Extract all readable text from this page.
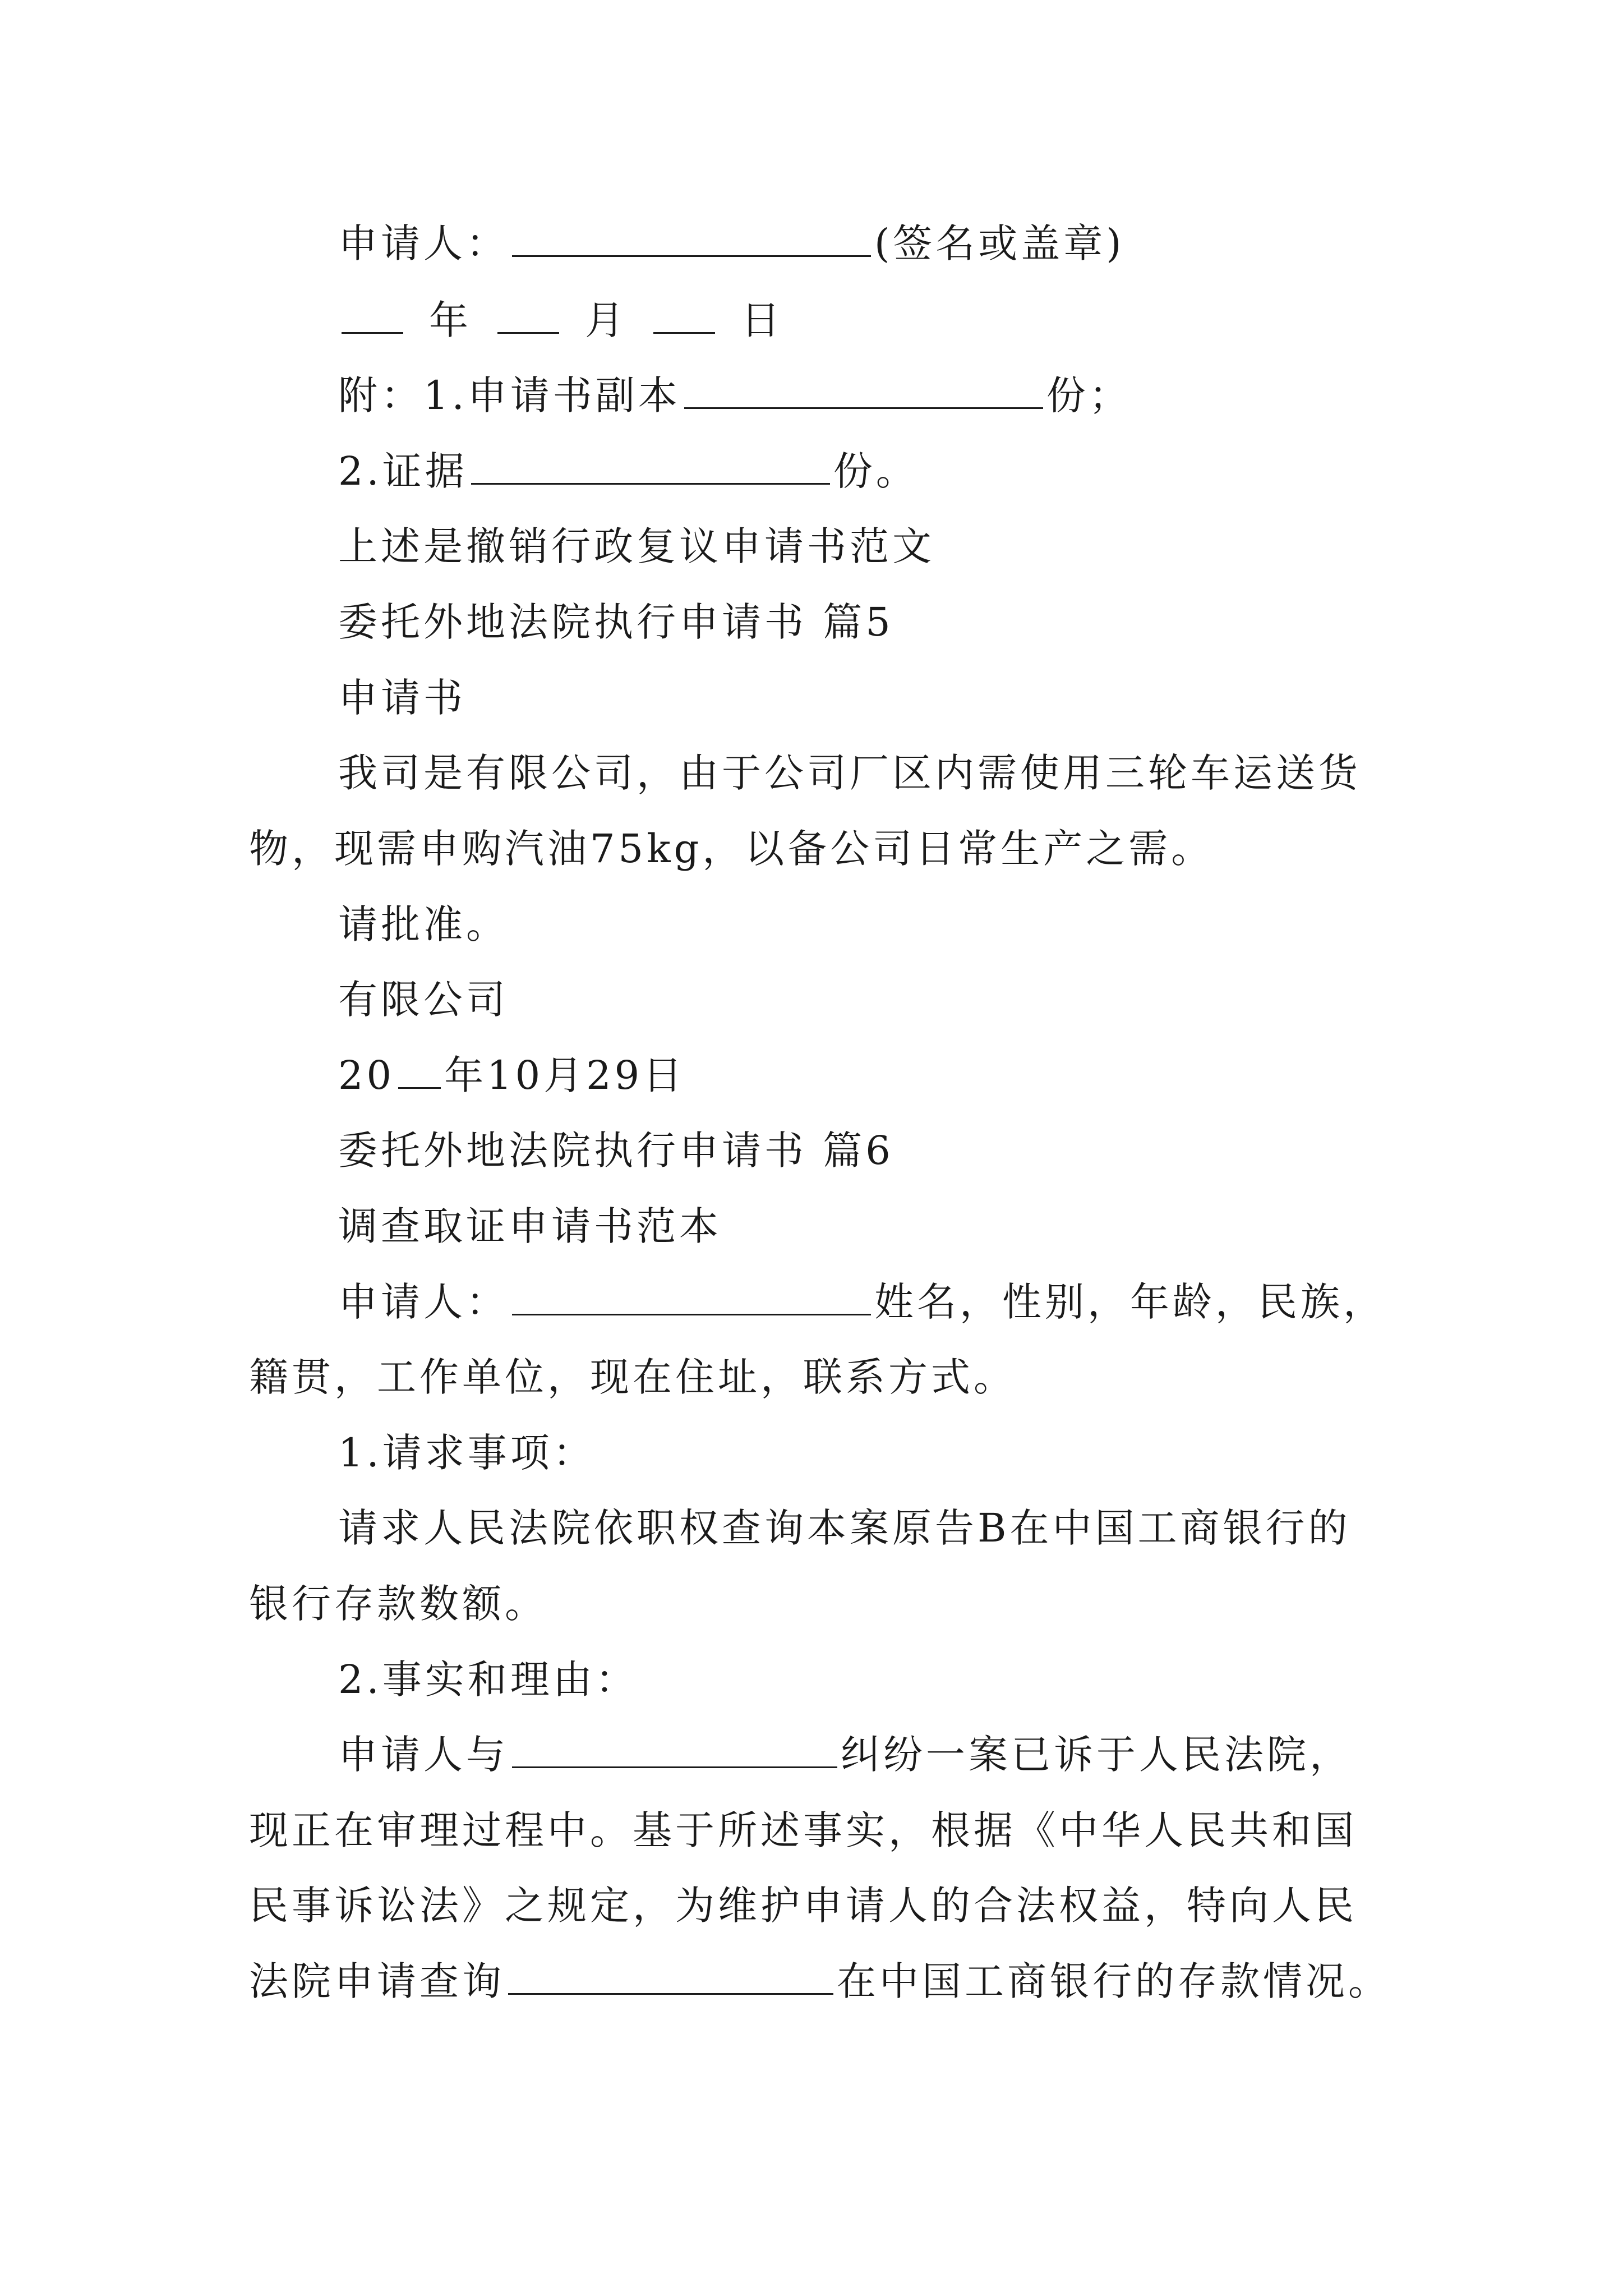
申请人：	(签名或盖章)
年	月	日
附：1.申请书副本	份；
2.证据	份。
上述是撤销行政复议申请书范文
委托外地法院执行申请书 篇5
申请书
我司是有限公司，由于公司厂区内需使用三轮车运送货
物，现需申购汽油75kg，以备公司日常生产之需。
请批准。
有限公司
20 年10月29日
委托外地法院执行申请书 篇6
调查取证申请书范本
申请人：	姓名，性别，年龄，民族，
籍贯，工作单位，现在住址，联系方式。
1.请求事项：
请求人民法院依职权查询本案原告B在中国工商银行的
银行存款数额。
2.事实和理由：
申请人与	纠纷一案已诉于人民法院，
现正在审理过程中。基于所述事实，根据《中华人民共和国
民事诉讼法》之规定，为维护申请人的合法权益，特向人民
法院申请查询	在中国工商银行的存款情况。
